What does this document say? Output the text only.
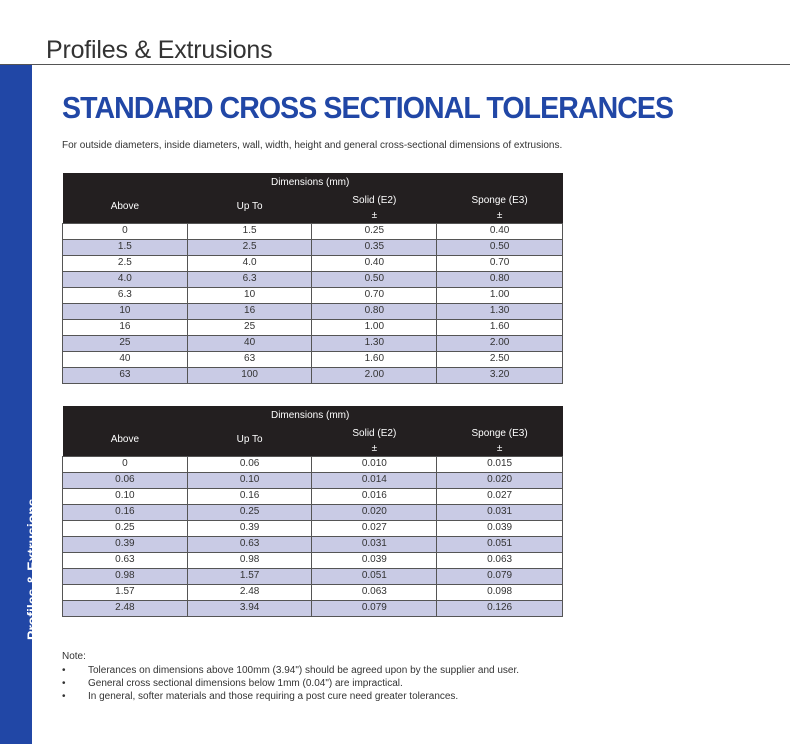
Profiles & Extrusions
Profiles & Extrusions
STANDARD CROSS SECTIONAL TOLERANCES

For outside diameters, inside diameters, wall, width, height and general cross-sectional dimensions of extrusions.

		Dimensions (mm)	
Above	Up To	Solid (E2)	Sponge (E3)
		±	±
0	1.5	0.25	0.40
1.5	2.5	0.35	0.50
2.5	4.0	0.40	0.70
4.0	6.3	0.50	0.80
6.3	10	0.70	1.00
10	16	0.80	1.30
16	25	1.00	1.60
25	40	1.30	2.00
40	63	1.60	2.50
63	100	2.00	3.20
		Dimensions (mm)	
Above	Up To	Solid (E2)	Sponge (E3)
		±	±
0	0.06	0.010	0.015
0.06	0.10	0.014	0.020
0.10	0.16	0.016	0.027
0.16	0.25	0.020	0.031
0.25	0.39	0.027	0.039
0.39	0.63	0.031	0.051
0.63	0.98	0.039	0.063
0.98	1.57	0.051	0.079
1.57	2.48	0.063	0.098
2.48	3.94	0.079	0.126
Note:
• Tolerances on dimensions above 100mm (3.94") should be agreed upon by the supplier and user.
• General cross sectional dimensions below 1mm (0.04") are impractical.
• In general, softer materials and those requiring a post cure need greater tolerances.
